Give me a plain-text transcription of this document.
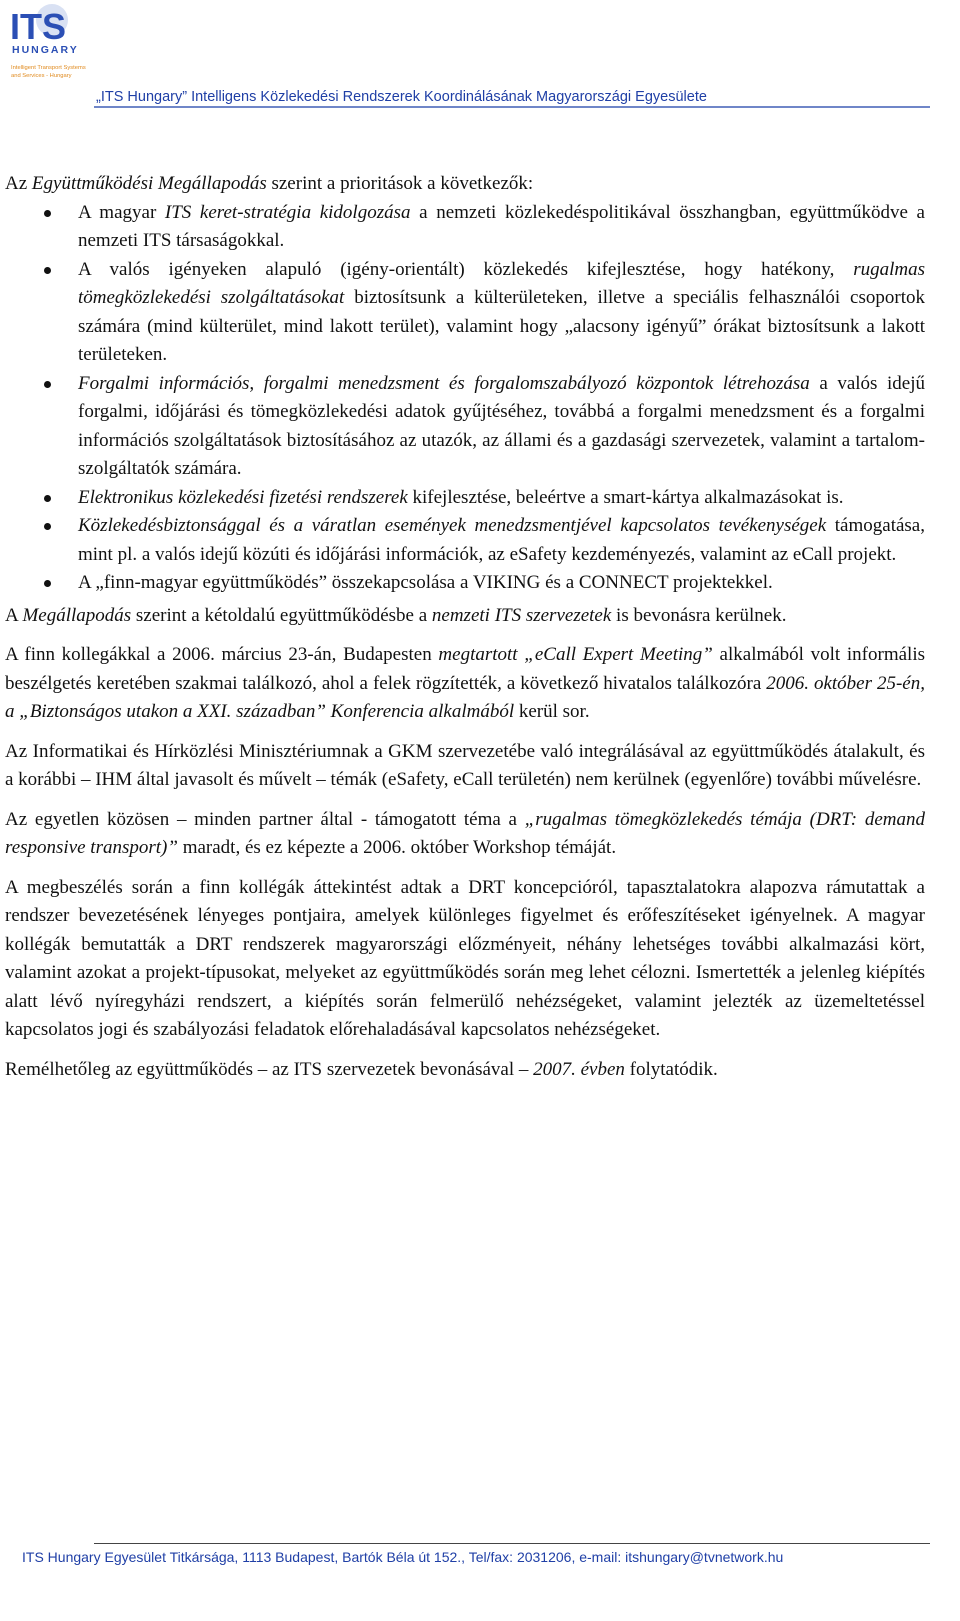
ITS
HUNGARY
Intelligent Transport Systems
and Services - Hungary
„ITS Hungary” Intelligens Közlekedési Rendszerek Koordinálásának Magyarországi Egyesülete

Az Együttműködési Megállapodás szerint a prioritások a következők:

A magyar ITS keret-stratégia kidolgozása a nemzeti közlekedéspolitikával összhangban, együttműködve a nemzeti ITS társaságokkal.
A valós igényeken alapuló (igény-orientált) közlekedés kifejlesztése, hogy hatékony, rugalmas tömegközlekedési szolgáltatásokat biztosítsunk a külterületeken, illetve a speciális felhasználói csoportok számára (mind külterület, mind lakott terület), valamint hogy „alacsony igényű” órákat biztosítsunk a lakott területeken.
Forgalmi információs, forgalmi menedzsment és forgalomszabályozó központok létrehozása a valós idejű forgalmi, időjárási és tömegközlekedési adatok gyűjtéséhez, továbbá a forgalmi menedzsment és a forgalmi információs szolgáltatások biztosításához az utazók, az állami és a gazdasági szervezetek, valamint a tartalom-szolgáltatók számára.
Elektronikus közlekedési fizetési rendszerek kifejlesztése, beleértve a smart-kártya alkalmazásokat is.
Közlekedésbiztonsággal és a váratlan események menedzsmentjével kapcsolatos tevékenységek támogatása, mint pl. a valós idejű közúti és időjárási információk, az eSafety kezdeményezés, valamint az eCall projekt.
A „finn-magyar együttműködés” összekapcsolása a VIKING és a CONNECT projektekkel.

A Megállapodás szerint a kétoldalú együttműködésbe a nemzeti ITS szervezetek is bevonásra kerülnek.

A finn kollegákkal a 2006. március 23-án, Budapesten megtartott „eCall Expert Meeting” alkalmából volt informális beszélgetés keretében szakmai találkozó, ahol a felek rögzítették, a következő hivatalos találkozóra 2006. október 25-én, a „Biztonságos utakon a XXI. században” Konferencia alkalmából kerül sor.

Az Informatikai és Hírközlési Minisztériumnak a GKM szervezetébe való integrálásával az együttműködés átalakult, és a korábbi – IHM által javasolt és művelt – témák (eSafety, eCall területén) nem kerülnek (egyenlőre) további művelésre.

Az egyetlen közösen – minden partner által - támogatott téma a „rugalmas tömegközlekedés témája (DRT: demand responsive transport)” maradt, és ez képezte a 2006. október Workshop témáját.

A megbeszélés során a finn kollégák áttekintést adtak a DRT koncepcióról, tapasztalatokra alapozva rámutattak a rendszer bevezetésének lényeges pontjaira, amelyek különleges figyelmet és erőfeszítéseket igényelnek. A magyar kollégák bemutatták a DRT rendszerek magyarországi előzményeit, néhány lehetséges további alkalmazási kört, valamint azokat a projekt-típusokat, melyeket az együttműködés során meg lehet célozni. Ismertették a jelenleg kiépítés alatt lévő nyíregyházi rendszert, a kiépítés során felmerülő nehézségeket, valamint jelezték az üzemeltetéssel kapcsolatos jogi és szabályozási feladatok előrehaladásával kapcsolatos nehézségeket.

Remélhetőleg az együttműködés – az ITS szervezetek bevonásával – 2007. évben folytatódik.

ITS Hungary Egyesület Titkársága, 1113 Budapest, Bartók Béla út 152., Tel/fax: 2031206, e-mail: itshungary@tvnetwork.hu
